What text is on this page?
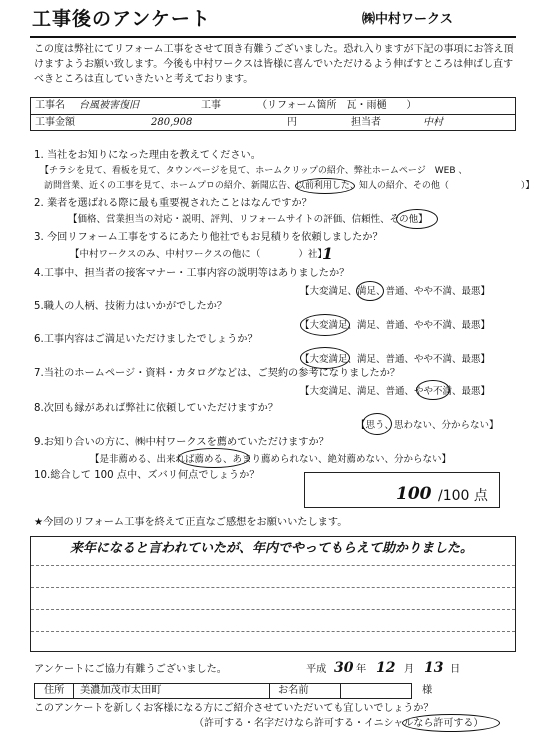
工事後のアンケート	㈱中村ワークス
この度は弊社にてリフォーム工事をさせて頂き有難うございました。恐れ入りますが下記の事項にお答え頂けますようお願い致します。今後も中村ワークスは皆様に喜んでいただけるよう伸ばすところは伸ばし直すべきところは直していきたいと考えております。
工事名 台風被害復旧	工事	（リフォーム箇所　瓦・雨樋　　）
工事金額	280,908	円	担当者	中村
1. 当社をお知りになった理由を教えてください。
【チラシを見て、看板を見て、タウンページを見て、ホームクリップの紹介、弊社ホームページ　WEB 、
訪問営業、近くの工事を見て、ホームプロの紹介、新聞広告、以前利用した、知人の紹介、その他（　　　　　　　　）】
2. 業者を選ばれる際に最も重要視されたことはなんですか？
【価格、営業担当の対応・説明、評判、リフォームサイトの評価、信頼性、その他】
3. 今回リフォーム工事をするにあたり他社でもお見積りを依頼しましたか？
【中村ワークスのみ、中村ワークスの他に（　　　　）社】
1
4.工事中、担当者の接客マナー・工事内容の説明等はありましたか？
【大変満足、満足、普通、やや不満、最悪】
5.職人の人柄、技術力はいかがでしたか？
【大変満足、満足、普通、やや不満、最悪】
6.工事内容はご満足いただけましたでしょうか？
【大変満足、満足、普通、やや不満、最悪】
7.当社のホームページ・資料・カタログなどは、ご契約の参考になりましたか？
【大変満足、満足、普通、やや不満、最悪】
8.次回も縁があれば弊社に依頼していただけますか？
【思う、思わない、分からない】
9.お知り合いの方に、㈱中村ワークスを薦めていただけますか？
【是非薦める、出来れば薦める、あまり薦められない、絶対薦めない、分からない】
10.総合して 100 点中、ズバリ何点でしょうか？
100 /100 点
★今回のリフォーム工事を終えて正直なご感想をお願いいたします。
来年になると言われていたが、年内でやってもらえて助かりました。
アンケートにご協力有難うございました。	平成 30 年 12 月 13 日
住所 美濃加茂市太田町	お名前	様
このアンケートを新しくお客様になる方にご紹介させていただいても宜しいでしょうか？
（許可する・名字だけなら許可する・イニシャルなら許可する）
